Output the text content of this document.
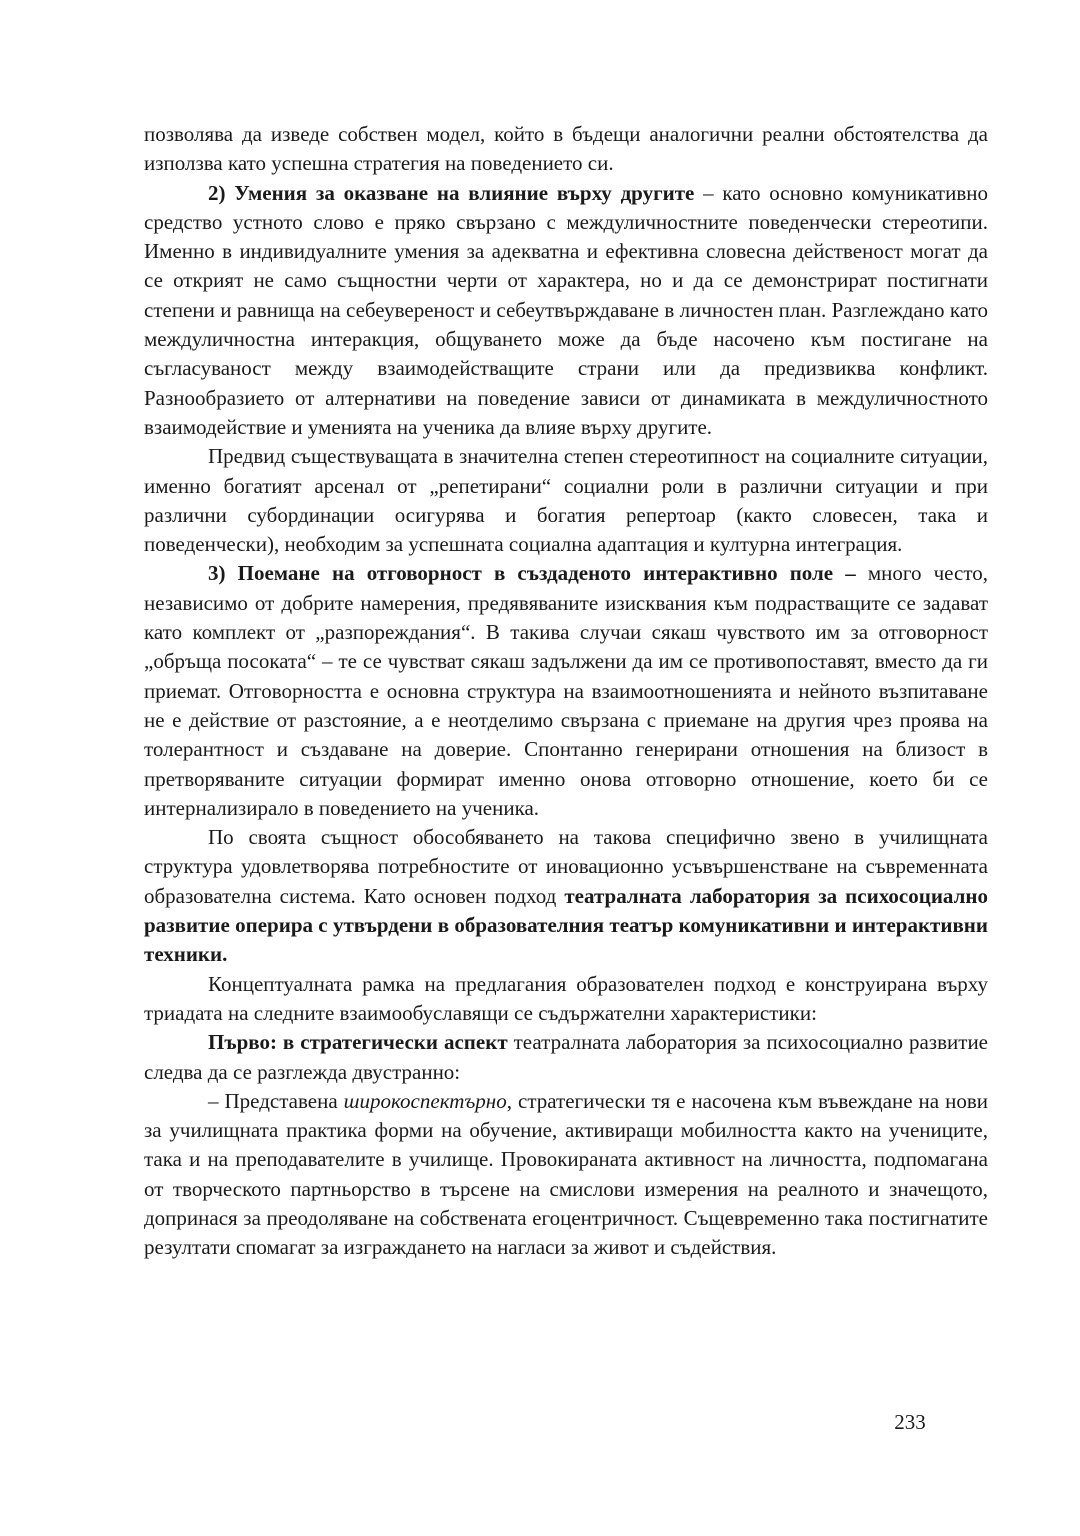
позволява да изведе собствен модел, който в бъдещи аналогични реални обстоятелства да използва като успешна стратегия на поведението си.

2) Умения за оказване на влияние върху другите – като основно комуникативно средство устното слово е пряко свързано с междуличностните поведенчески стереотипи. Именно в индивидуалните умения за адекватна и ефективна словесна действеност могат да се открият не само същностни черти от характера, но и да се демонстрират постигнати степени и равнища на себеувереност и себеутвърждаване в личностен план. Разглеждано като междуличностна интеракция, общуването може да бъде насочено към постигане на съгласуваност между взаимодействащите страни или да предизвиква конфликт. Разнообразието от алтернативи на поведение зависи от динамиката в междуличностното взаимодействие и уменията на ученика да влияе върху другите.

Предвид съществуващата в значителна степен стереотипност на социалните ситуации, именно богатият арсенал от „репетирани“ социални роли в различни ситуации и при различни субординации осигурява и богатия репертоар (както словесен, така и поведенчески), необходим за успешната социална адаптация и културна интеграция.

3) Поемане на отговорност в създаденото интерактивно поле – много често, независимо от добрите намерения, предявяваните изисквания към подрастващите се задават като комплект от „разпореждания“. В такива случаи сякаш чувството им за отговорност „обръща посоката“ – те се чувстват сякаш задължени да им се противопоставят, вместо да ги приемат. Отговорността е основна структура на взаимоотношенията и нейното възпитаване не е действие от разстояние, а е неотделимо свързана с приемане на другия чрез проява на толерантност и създаване на доверие. Спонтанно генерирани отношения на близост в претворяваните ситуации формират именно онова отговорно отношение, което би се интернализирало в поведението на ученика.

По своята същност обособяването на такова специфично звено в училищната структура удовлетворява потребностите от иновационно усъвършенстване на съвременната образователна система. Като основен подход театралната лаборатория за психосоциално развитие оперира с утвърдени в образователния театър комуникативни и интерактивни техники.

Концептуалната рамка на предлагания образователен подход е конструирана върху триадата на следните взаимообуславящи се съдържателни характеристики:

Първо: в стратегически аспект театралната лаборатория за психосоциално развитие следва да се разглежда двустранно:

– Представена широкоспектърно, стратегически тя е насочена към въвеждане на нови за училищната практика форми на обучение, активиращи мобилността както на учениците, така и на преподавателите в училище. Провокираната активност на личността, подпомагана от творческото партньорство в търсене на смислови измерения на реалното и значещото, допринася за преодоляване на собствената егоцентричност. Същевременно така постигнатите резултати спомагат за изграждането на нагласи за живот и съдействия.

233
